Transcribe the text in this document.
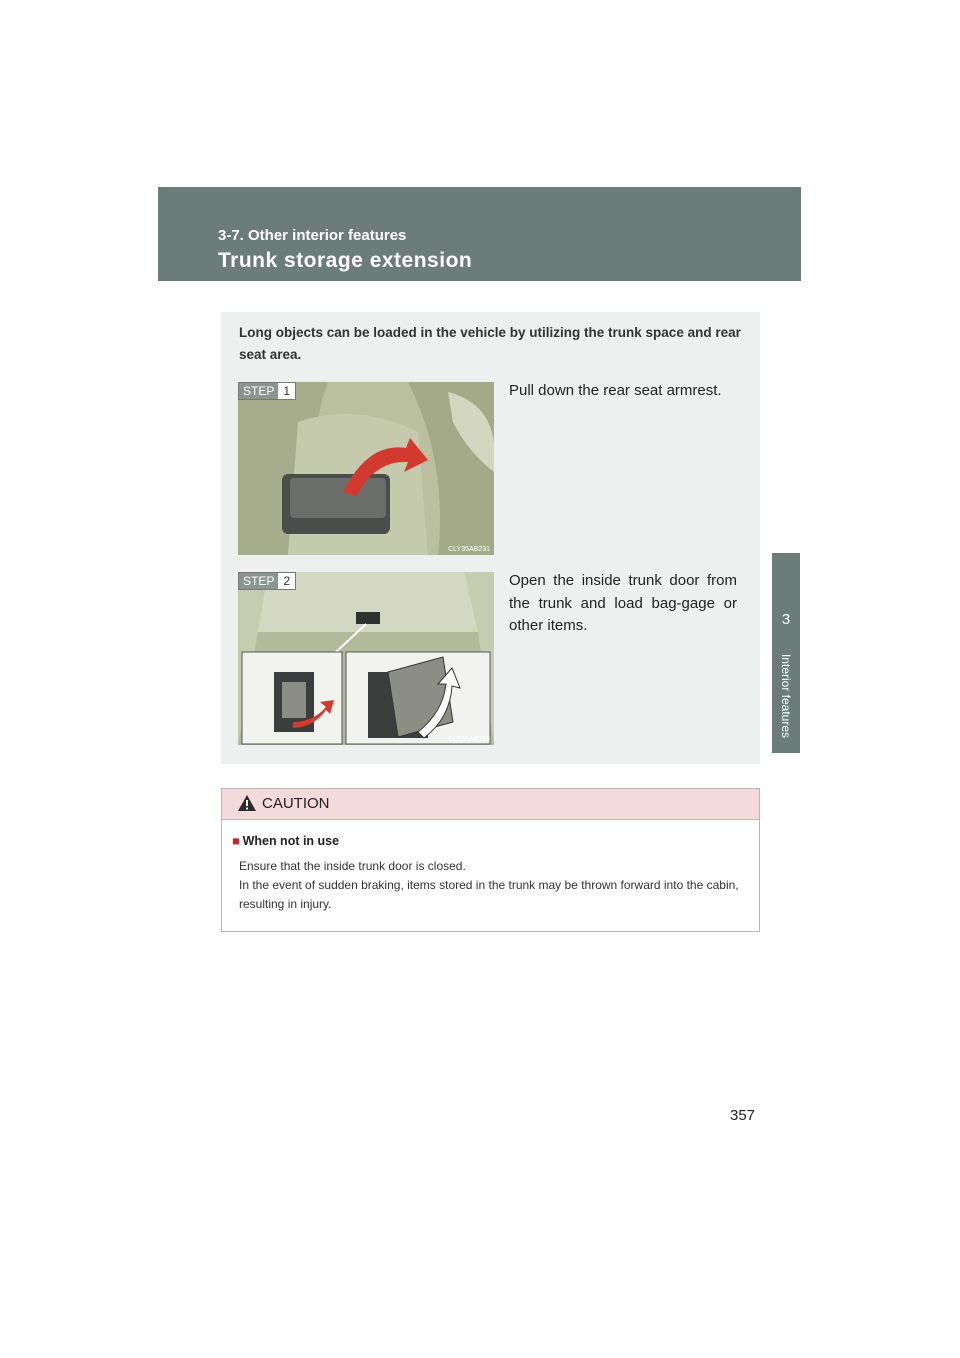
3-7. Other interior features
Trunk storage extension
3
Interior features
Long objects can be loaded in the vehicle by utilizing the trunk space and rear seat area.
STEP 1
CLY35AB231
Pull down the rear seat armrest.
STEP 2
CLY35AB150
Open the inside trunk door from the trunk and load bag-gage or other items.
CAUTION
■ When not in use
Ensure that the inside trunk door is closed.
In the event of sudden braking, items stored in the trunk may be thrown forward into the cabin, resulting in injury.
357
